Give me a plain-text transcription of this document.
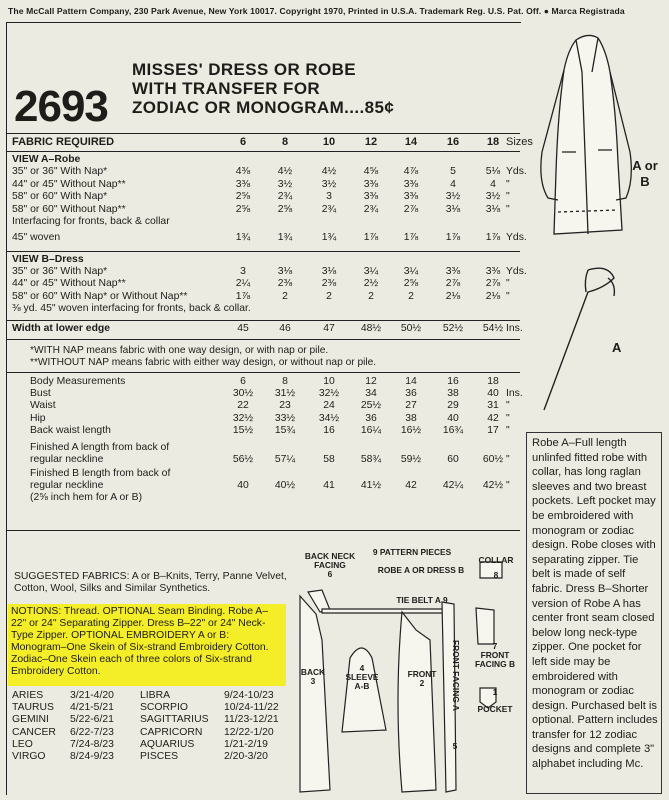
The McCall Pattern Company, 230 Park Avenue, New York 10017. Copyright 1970, Printed in U.S.A. Trademark Reg. U.S. Pat. Off. ● Marca Registrada
2693
MISSES' DRESS OR ROBE
WITH TRANSFER FOR
ZODIAC OR MONOGRAM....85¢
FABRIC REQUIRED	6	8	10	12	14	16	18 Sizes
VIEW A–Robe
35" or 36" With Nap*	4⅜	4½	4½	4⅝	4⅞	5	5⅛ Yds.
44" or 45" Without Nap**	3⅜	3½	3½	3⅜	3⅜	4	4 "
58" or 60" With Nap*	2⅝	2¾	3	3⅜	3⅜	3½	3½ "
58" or 60" Without Nap**	2⅝	2⅝	2¾	2¾	2⅞	3⅛	3⅛ "
Interfacing for fronts, back & collar
45" woven	1¾	1¾	1¾	1⅞	1⅞	1⅞	1⅞ Yds.
VIEW B–Dress
35" or 36" With Nap*	3	3⅛	3⅛	3¼	3¼	3⅜	3⅜ Yds.
44" or 45" Without Nap**	2¼	2⅜	2⅜	2½	2⅝	2⅞	2⅞ "
58" or 60" With Nap* or Without Nap**	1⅞	2	2	2	2	2⅛	2⅛ "
⅜ yd. 45" woven interfacing for fronts, back & collar.
Width at lower edge	45	46	47	48½	50½	52½	54½ Ins.
*WITH NAP means fabric with one way design, or with nap or pile.
**WITHOUT NAP means fabric with either way design, or without nap or pile.
Body Measurements	6	8	10	12	14	16	18
Bust	30½	31½	32½	34	36	38	40 Ins.
Waist	22	23	24	25½	27	29	31 "
Hip	32½	33½	34½	36	38	40	42 "
Back waist length	15½	15¾	16	16¼	16½	16¾	17 "
Finished A length from back of
regular neckline	56½	57¼	58	58¾	59½	60	60½ "
Finished B length from back of
regular neckline	40	40½	41	41½	42	42¼	42½ "
(2⅝ inch hem for A or B)
A or B
A
Robe A–Full length unlinfed fitted robe with collar, has long raglan sleeves and two breast pockets. Left pocket may be embroidered with monogram or zodiac design. Robe closes with separating zipper. Tie belt is made of self fabric. Dress B–Shorter version of Robe A has center front seam closed below long neck-type zipper. One pocket for left side may be embroidered with monogram or zodiac design. Purchased belt is optional. Pattern includes transfer for 12 zodiac designs and complete 3" alphabet including Mc.
SUGGESTED FABRICS: A or B–Knits, Terry, Panne Velvet, Cotton, Wool, Silks and Similar Synthetics.
NOTIONS: Thread. OPTIONAL Seam Binding. Robe A–22" or 24" Separating Zipper. Dress B–22" or 24" Neck-Type Zipper. OPTIONAL EMBROIDERY A or B: Monogram–One Skein of Six-strand Embroidery Cotton. Zodiac–One Skein each of three colors of Six-strand Embroidery Cotton.
ARIES	3/21-4/20	LIBRA	9/24-10/23
TAURUS 4/21-5/21	SCORPIO	10/24-11/22
GEMINI 5/22-6/21	SAGITTARIUS 11/23-12/21
CANCER 6/22-7/23	CAPRICORN 12/22-1/20
LEO	7/24-8/23	AQUARIUS	1/21-2/19
VIRGO 8/24-9/23	PISCES	2/20-3/20
BACK NECK FACING
6
9 PATTERN PIECES
ROBE A OR DRESS B
TIE BELT A 9
COLLAR
8
BACK
3
4
SLEEVE A-B
FRONT
2	FRONT FACING A
5
7
FRONT FACING B
1
POCKET
